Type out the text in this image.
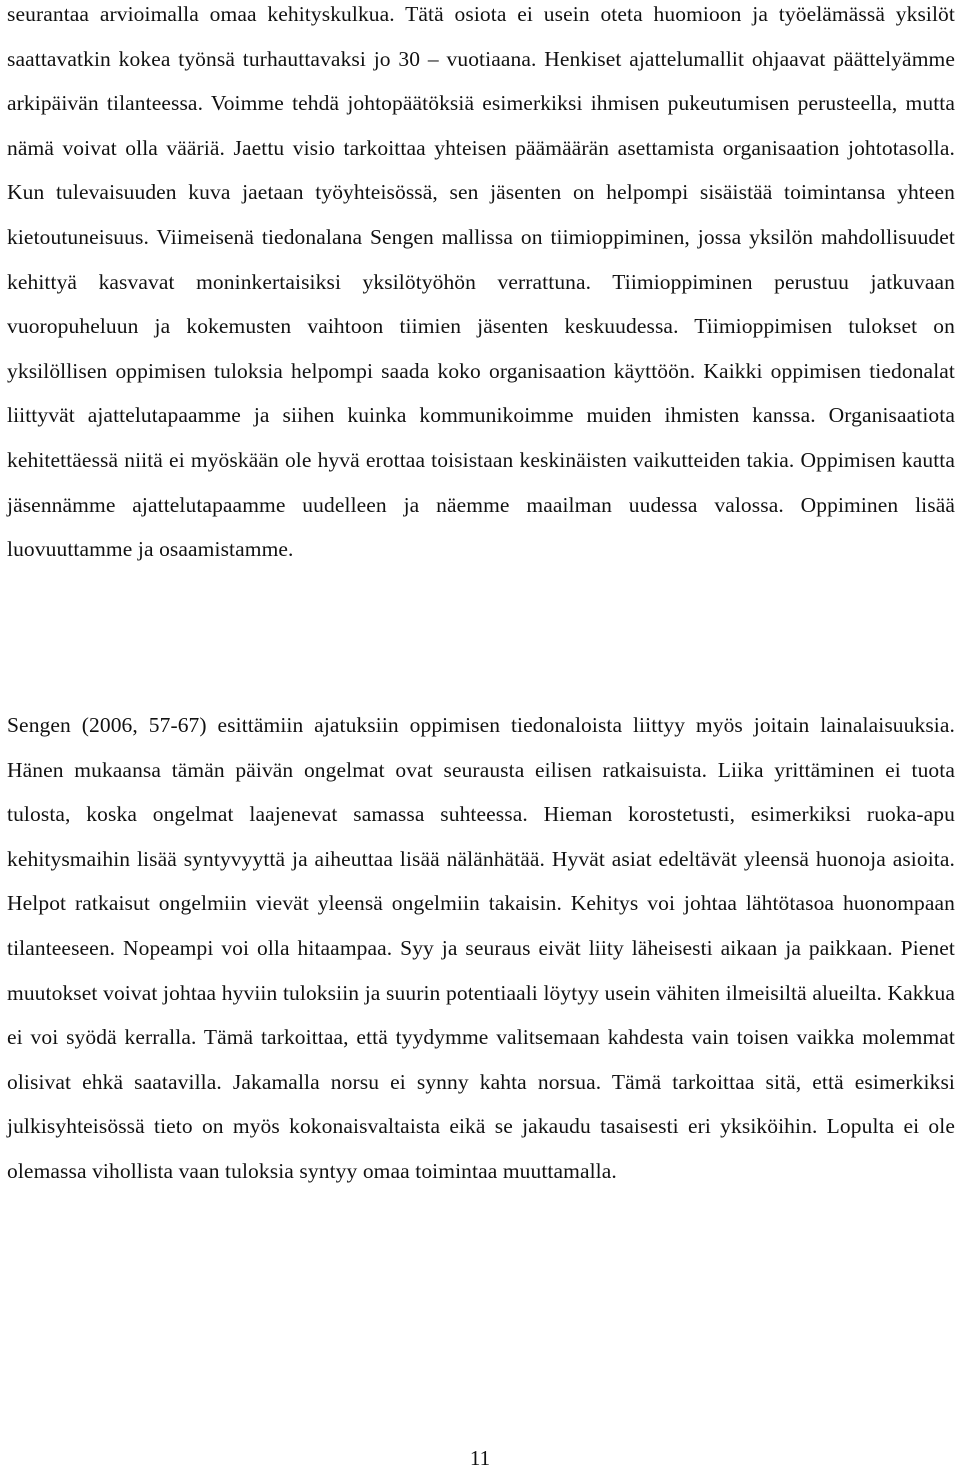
seurantaa arvioimalla omaa kehityskulkua. Tätä osiota ei usein oteta huomioon ja työelämässä yksilöt saattavatkin kokea työnsä turhauttavaksi jo 30 – vuotiaana. Henkiset ajattelumallit ohjaavat päättelyämme arkipäivän tilanteessa. Voimme tehdä johtopäätöksiä esimerkiksi ihmisen pukeutumisen perusteella, mutta nämä voivat olla vääriä. Jaettu visio tarkoittaa yhteisen päämäärän asettamista organisaation johtotasolla. Kun tulevaisuuden kuva jaetaan työyhteisössä, sen jäsenten on helpompi sisäistää toimintansa yhteen kietoutuneisuus. Viimeisenä tiedonalana Sengen mallissa on tiimioppiminen, jossa yksilön mahdollisuudet kehittyä kasvavat moninkertaisiksi yksilötyöhön verrattuna. Tiimioppiminen perustuu jatkuvaan vuoropuheluun ja kokemusten vaihtoon tiimien jäsenten keskuudessa. Tiimioppimisen tulokset on yksilöllisen oppimisen tuloksia helpompi saada koko organisaation käyttöön. Kaikki oppimisen tiedonalat liittyvät ajattelutapaamme ja siihen kuinka kommunikoimme muiden ihmisten kanssa. Organisaatiota kehitettäessä niitä ei myöskään ole hyvä erottaa toisistaan keskinäisten vaikutteiden takia. Oppimisen kautta jäsennämme ajattelutapaamme uudelleen ja näemme maailman uudessa valossa. Oppiminen lisää luovuuttamme ja osaamistamme.

Sengen (2006, 57-67) esittämiin ajatuksiin oppimisen tiedonaloista liittyy myös joitain lainalaisuuksia. Hänen mukaansa tämän päivän ongelmat ovat seurausta eilisen ratkaisuista. Liika yrittäminen ei tuota tulosta, koska ongelmat laajenevat samassa suhteessa. Hieman korostetusti, esimerkiksi ruoka-apu kehitysmaihin lisää syntyvyyttä ja aiheuttaa lisää nälänhätää. Hyvät asiat edeltävät yleensä huonoja asioita. Helpot ratkaisut ongelmiin vievät yleensä ongelmiin takaisin. Kehitys voi johtaa lähtötasoa huonompaan tilanteeseen. Nopeampi voi olla hitaampaa. Syy ja seuraus eivät liity läheisesti aikaan ja paikkaan. Pienet muutokset voivat johtaa hyviin tuloksiin ja suurin potentiaali löytyy usein vähiten ilmeisiltä alueilta. Kakkua ei voi syödä kerralla. Tämä tarkoittaa, että tyydymme valitsemaan kahdesta vain toisen vaikka molemmat olisivat ehkä saatavilla. Jakamalla norsu ei synny kahta norsua. Tämä tarkoittaa sitä, että esimerkiksi julkisyhteisössä tieto on myös kokonaisvaltaista eikä se jakaudu tasaisesti eri yksiköihin. Lopulta ei ole olemassa vihollista vaan tuloksia syntyy omaa toimintaa muuttamalla.

11
